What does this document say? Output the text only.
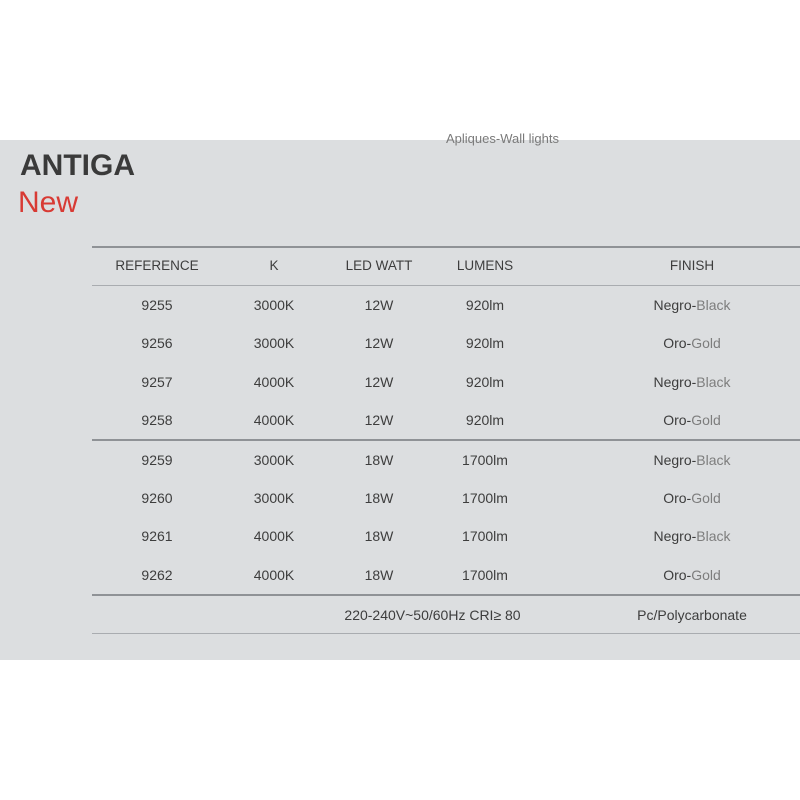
Apliques-Wall lights
ANTIGA
New
REFERENCE	K	LED WATT	LUMENS	FINISH
9255	3000K	12W	920lm	Negro-Black
9256	3000K	12W	920lm	Oro-Gold
9257	4000K	12W	920lm	Negro-Black
9258	4000K	12W	920lm	Oro-Gold
9259	3000K	18W	1700lm	Negro-Black
9260	3000K	18W	1700lm	Oro-Gold
9261	4000K	18W	1700lm	Negro-Black
9262	4000K	18W	1700lm	Oro-Gold
220-240V~50/60Hz CRI≥ 80	Pc/Polycarbonate
